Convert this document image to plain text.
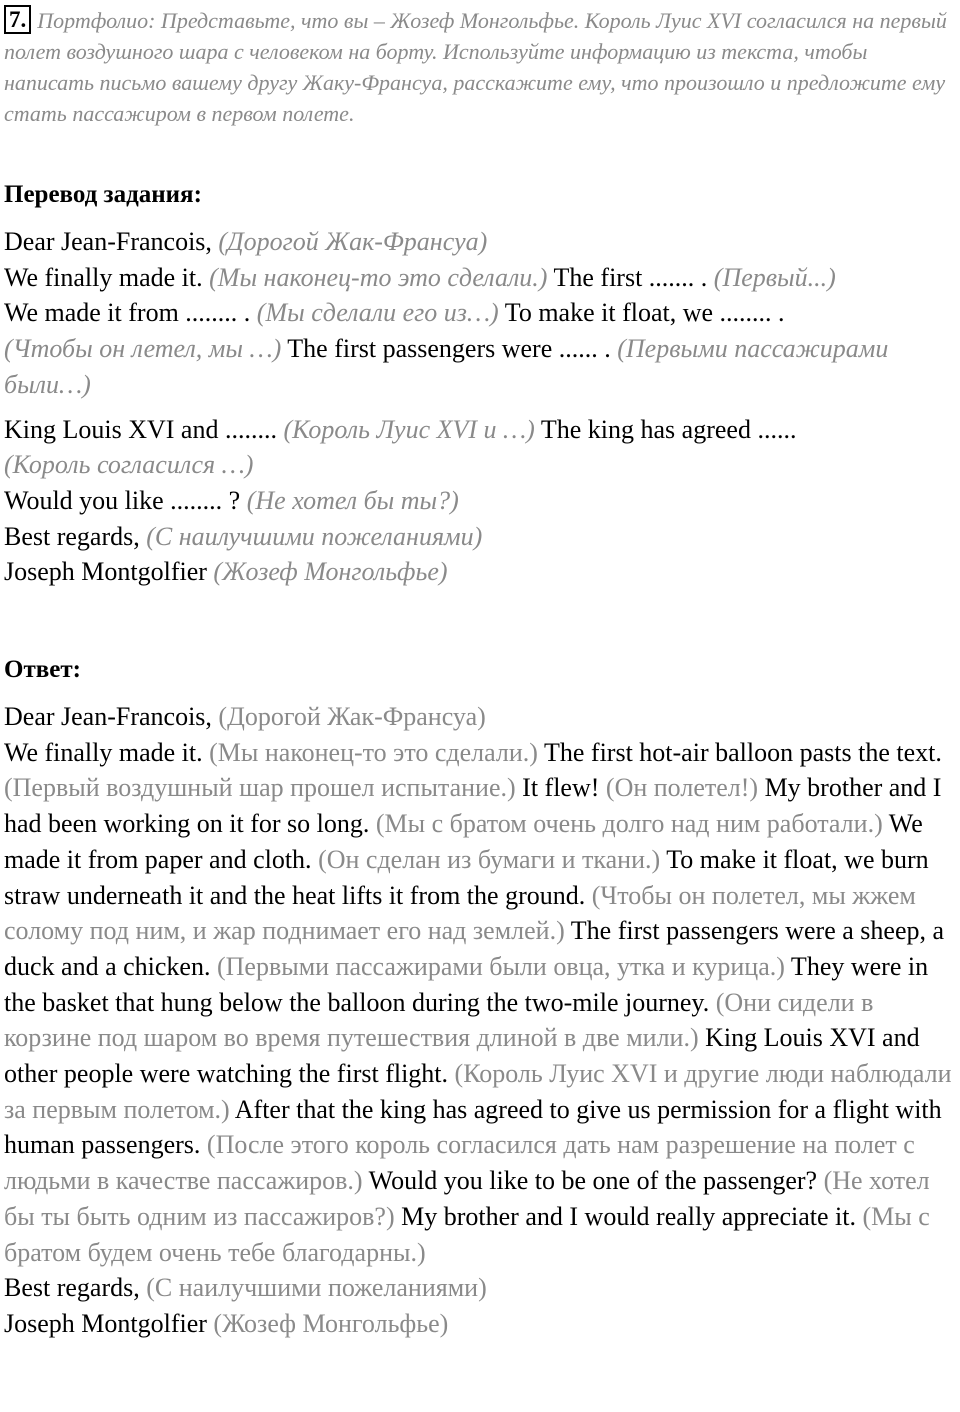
7. Портфолио: Представьте, что вы – Жозеф Монгольфье. Король Луис XVI согласился на первый полет воздушного шара с человеком на борту. Используйте информацию из текста, чтобы написать письмо вашему другу Жаку-Франсуа, расскажите ему, что произошло и предложите ему стать пассажиром в первом полете.
Перевод задания:
Dear Jean-Francois, (Дорогой Жак-Франсуа)
We finally made it. (Мы наконец-то это сделали.) The first ....... . (Первый...)
We made it from ........ . (Мы сделали его из…) To make it float, we ........ .
(Чтобы он летел, мы …) The first passengers were ...... . (Первыми пассажирами были…)
King Louis XVI and ........ (Король Луис XVI и …) The king has agreed ......
(Король согласился …)
Would you like ........ ? (Не хотел бы ты?)
Best regards, (С наилучшими пожеланиями)
Joseph Montgolfier (Жозеф Монгольфье)
Ответ:
Dear Jean-Francois, (Дорогой Жак-Франсуа)
We finally made it. (Мы наконец-то это сделали.) The first hot-air balloon pasts the text. (Первый воздушный шар прошел испытание.) It flew! (Он полетел!) My brother and I had been working on it for so long. (Мы с братом очень долго над ним работали.) We made it from paper and cloth. (Он сделан из бумаги и ткани.) To make it float, we burn straw underneath it and the heat lifts it from the ground. (Чтобы он полетел, мы жжем солому под ним, и жар поднимает его над землей.) The first passengers were a sheep, a duck and a chicken. (Первыми пассажирами были овца, утка и курица.) They were in the basket that hung below the balloon during the two-mile journey. (Они сидели в корзине под шаром во время путешествия длиной в две мили.) King Louis XVI and other people were watching the first flight. (Король Луис XVI и другие люди наблюдали за первым полетом.) After that the king has agreed to give us permission for a flight with human passengers. (После этого король согласился дать нам разрешение на полет с людьми в качестве пассажиров.) Would you like to be one of the passenger? (Не хотел бы ты быть одним из пассажиров?) My brother and I would really appreciate it. (Мы с братом будем очень тебе благодарны.)
Best regards, (С наилучшими пожеланиями)
Joseph Montgolfier (Жозеф Монгольфье)
